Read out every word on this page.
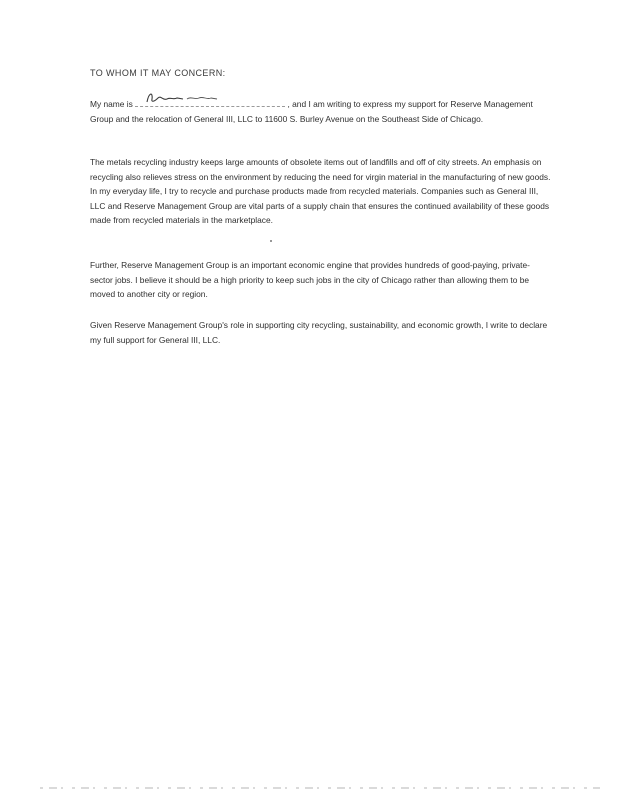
TO WHOM IT MAY CONCERN:
My name is	, and I am writing to express my support for Reserve Management Group and the relocation of General III, LLC to 11600 S. Burley Avenue on the Southeast Side of Chicago.
The metals recycling industry keeps large amounts of obsolete items out of landfills and off of city streets. An emphasis on recycling also relieves stress on the environment by reducing the need for virgin material in the manufacturing of new goods. In my everyday life, I try to recycle and purchase products made from recycled materials. Companies such as General III, LLC and Reserve Management Group are vital parts of a supply chain that ensures the continued availability of these goods made from recycled materials in the marketplace.
Further, Reserve Management Group is an important economic engine that provides hundreds of good-paying, private-sector jobs. I believe it should be a high priority to keep such jobs in the city of Chicago rather than allowing them to be moved to another city or region.
Given Reserve Management Group's role in supporting city recycling, sustainability, and economic growth, I write to declare my full support for General III, LLC.
